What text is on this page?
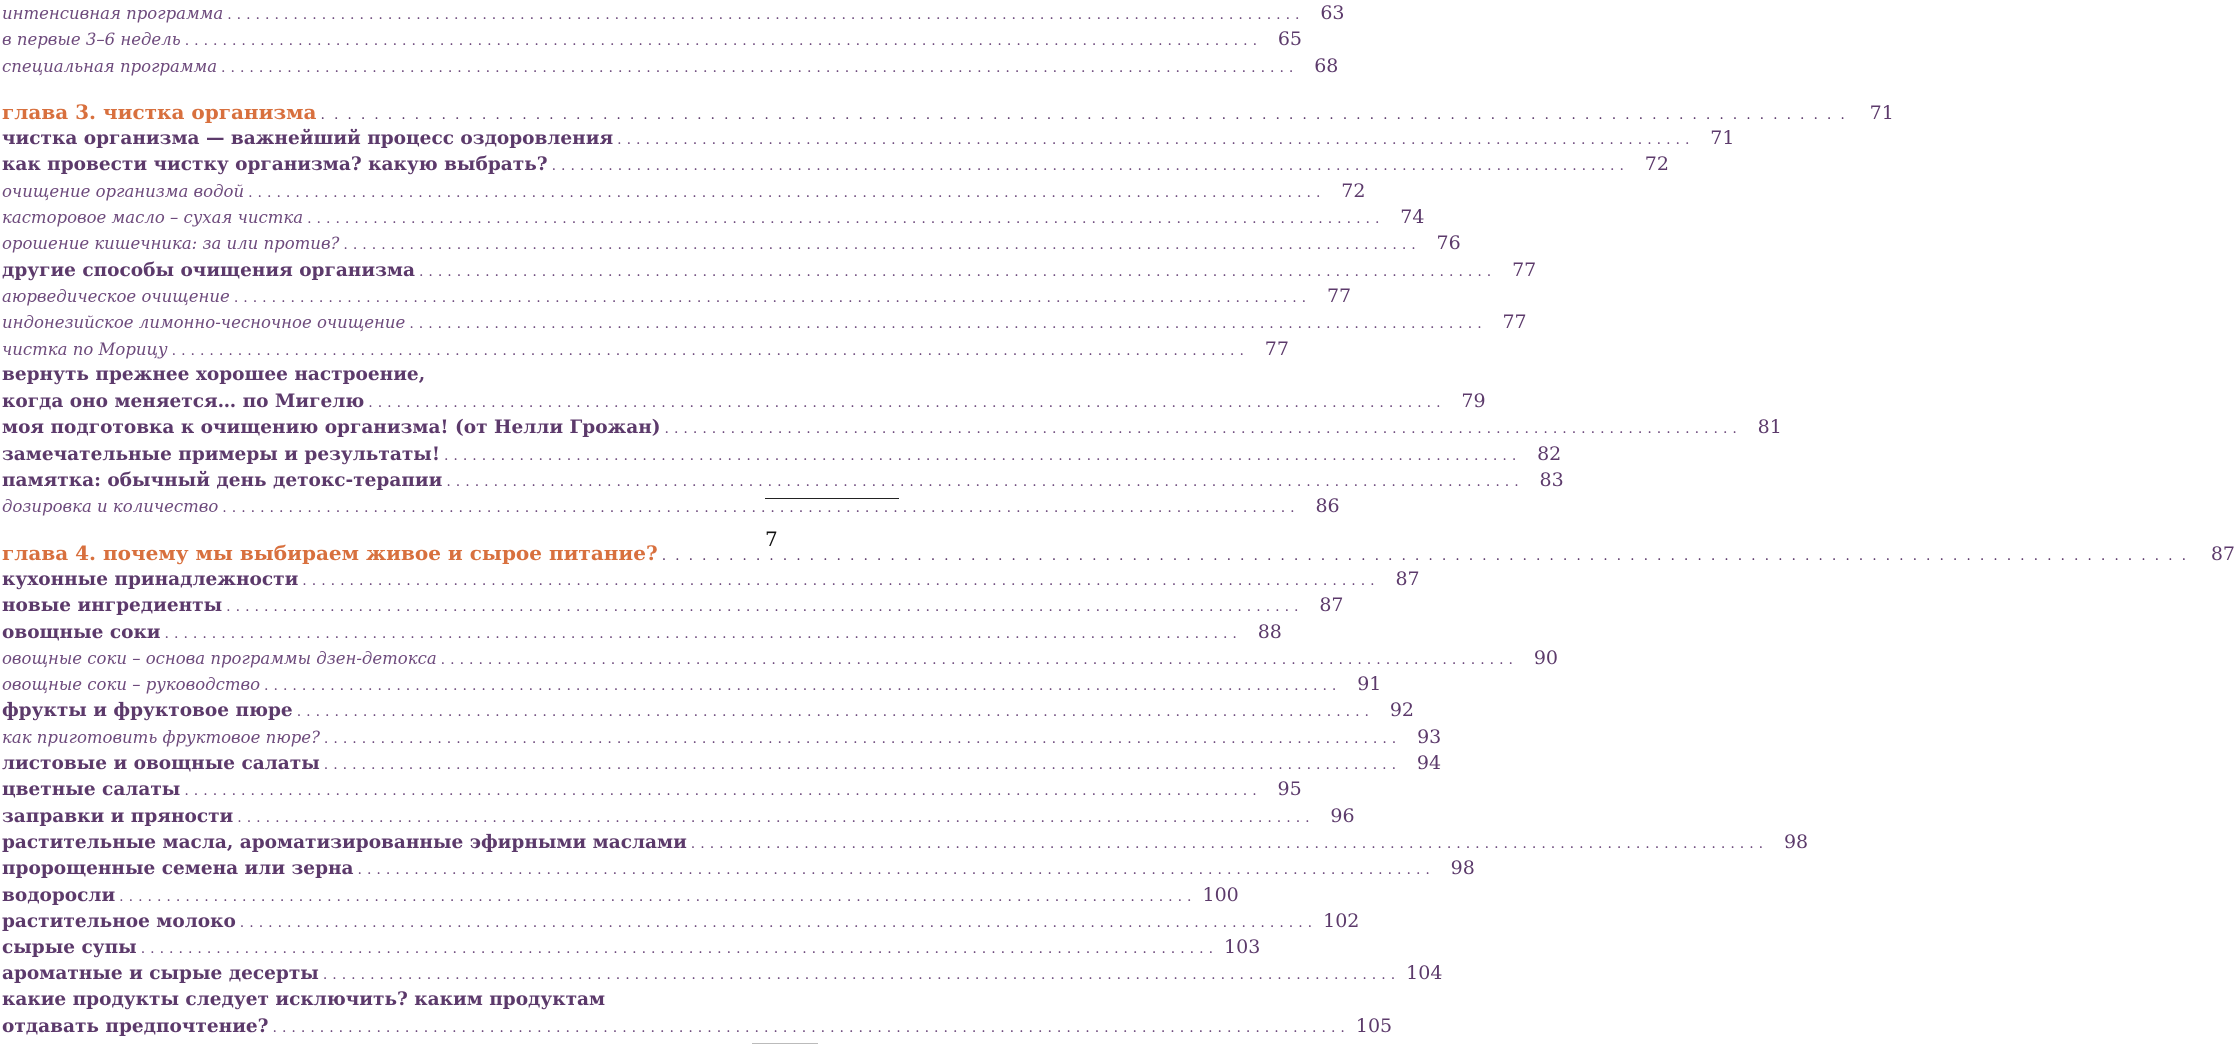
интенсивная программа .................................................................................................................. 63
в первые 3–6 недель .................................................................................................................. 65
специальная программа .................................................................................................................. 68
глава 3. чистка организма .................................................................................................................. 71
чистка организма — важнейший процесс оздоровления .................................................................................................................. 71
как провести чистку организма? какую выбрать? .................................................................................................................. 72
очищение организма водой .................................................................................................................. 72
касторовое масло – сухая чистка .................................................................................................................. 74
орошение кишечника: за или против? .................................................................................................................. 76
другие способы очищения организма .................................................................................................................. 77
аюрведическое очищение .................................................................................................................. 77
индонезийское лимонно-чесночное очищение .................................................................................................................. 77
чистка по Морицу .................................................................................................................. 77
вернуть прежнее хорошее настроение,
когда оно меняется… по Мигелю .................................................................................................................. 79
моя подготовка к очищению организма! (от Нелли Грожан) .................................................................................................................. 81
замечательные примеры и результаты! .................................................................................................................. 82
памятка: обычный день детокс-терапии .................................................................................................................. 83
дозировка и количество .................................................................................................................. 86
глава 4. почему мы выбираем живое и сырое питание? .................................................................................................................. 87
кухонные принадлежности .................................................................................................................. 87
новые ингредиенты .................................................................................................................. 87
овощные соки .................................................................................................................. 88
овощные соки – основа программы дзен-детокса .................................................................................................................. 90
овощные соки – руководство .................................................................................................................. 91
фрукты и фруктовое пюре .................................................................................................................. 92
как приготовить фруктовое пюре? .................................................................................................................. 93
листовые и овощные салаты .................................................................................................................. 94
цветные салаты .................................................................................................................. 95
заправки и пряности .................................................................................................................. 96
растительные масла, ароматизированные эфирными маслами .................................................................................................................. 98
пророщенные семена или зерна .................................................................................................................. 98
водоросли .................................................................................................................. 100
растительное молоко .................................................................................................................. 102
сырые супы .................................................................................................................. 103
ароматные и сырые десерты .................................................................................................................. 104
какие продукты следует исключить? каким продуктам
отдавать предпочтение? .................................................................................................................. 105
7
